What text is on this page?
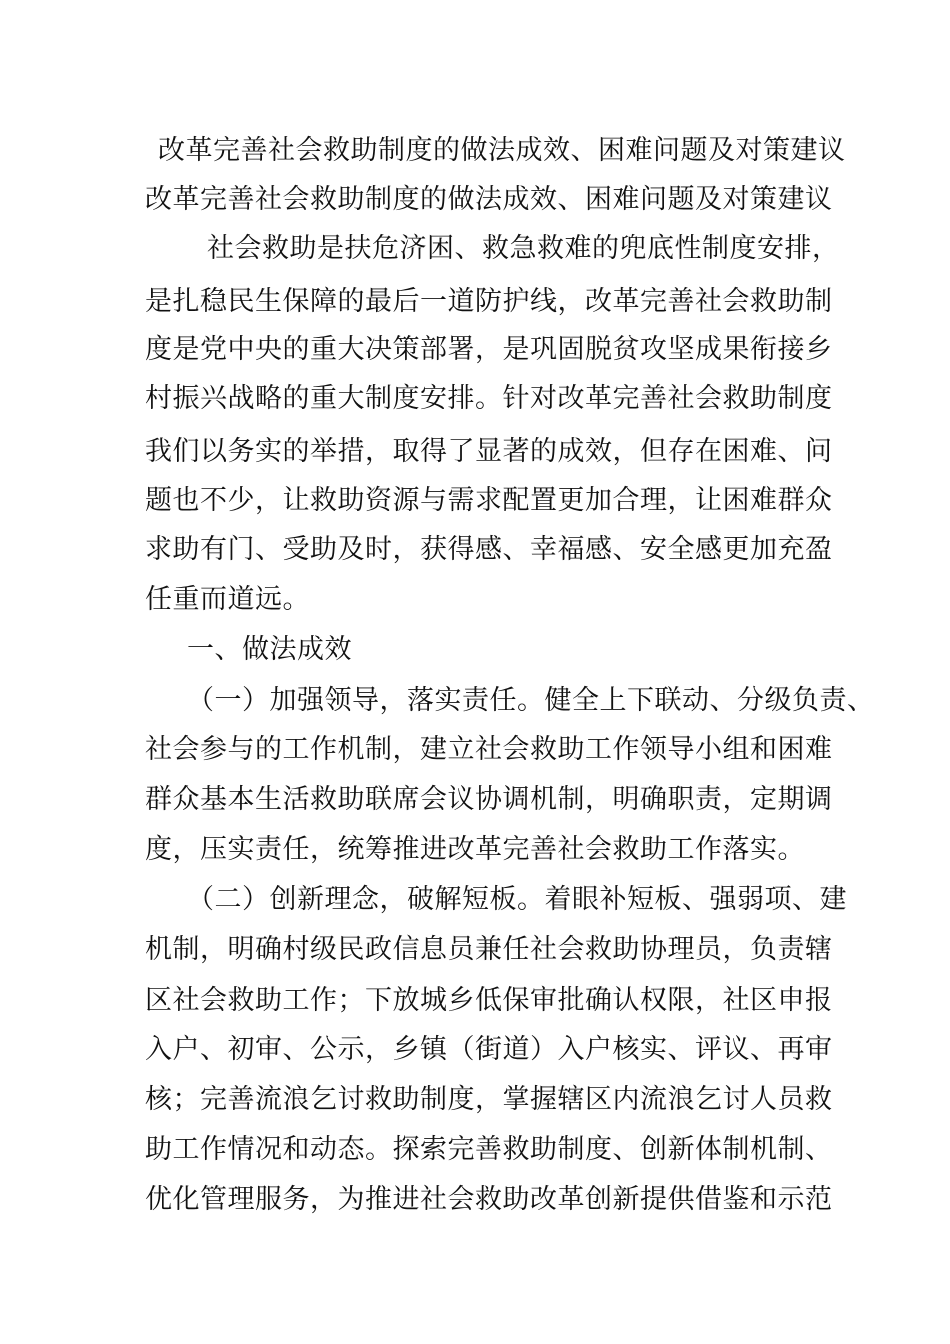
改革完善社会救助制度的做法成效、困难问题及对策建议
改革完善社会救助制度的做法成效、困难问题及对策建议
社会救助是扶危济困、救急救难的兜底性制度安排，
是扎稳民生保障的最后一道防护线，改革完善社会救助制
度是党中央的重大决策部署，是巩固脱贫攻坚成果衔接乡
村振兴战略的重大制度安排。针对改革完善社会救助制度
我们以务实的举措，取得了显著的成效，但存在困难、问
题也不少，让救助资源与需求配置更加合理，让困难群众
求助有门、受助及时，获得感、幸福感、安全感更加充盈
任重而道远。
一、做法成效
（一）加强领导，落实责任。健全上下联动、分级负责、
社会参与的工作机制，建立社会救助工作领导小组和困难
群众基本生活救助联席会议协调机制，明确职责，定期调
度，压实责任，统筹推进改革完善社会救助工作落实。
（二）创新理念，破解短板。着眼补短板、强弱项、建
机制，明确村级民政信息员兼任社会救助协理员，负责辖
区社会救助工作；下放城乡低保审批确认权限，社区申报
入户、初审、公示，乡镇（街道）入户核实、评议、再审
核；完善流浪乞讨救助制度，掌握辖区内流浪乞讨人员救
助工作情况和动态。探索完善救助制度、创新体制机制、
优化管理服务，为推进社会救助改革创新提供借鉴和示范
